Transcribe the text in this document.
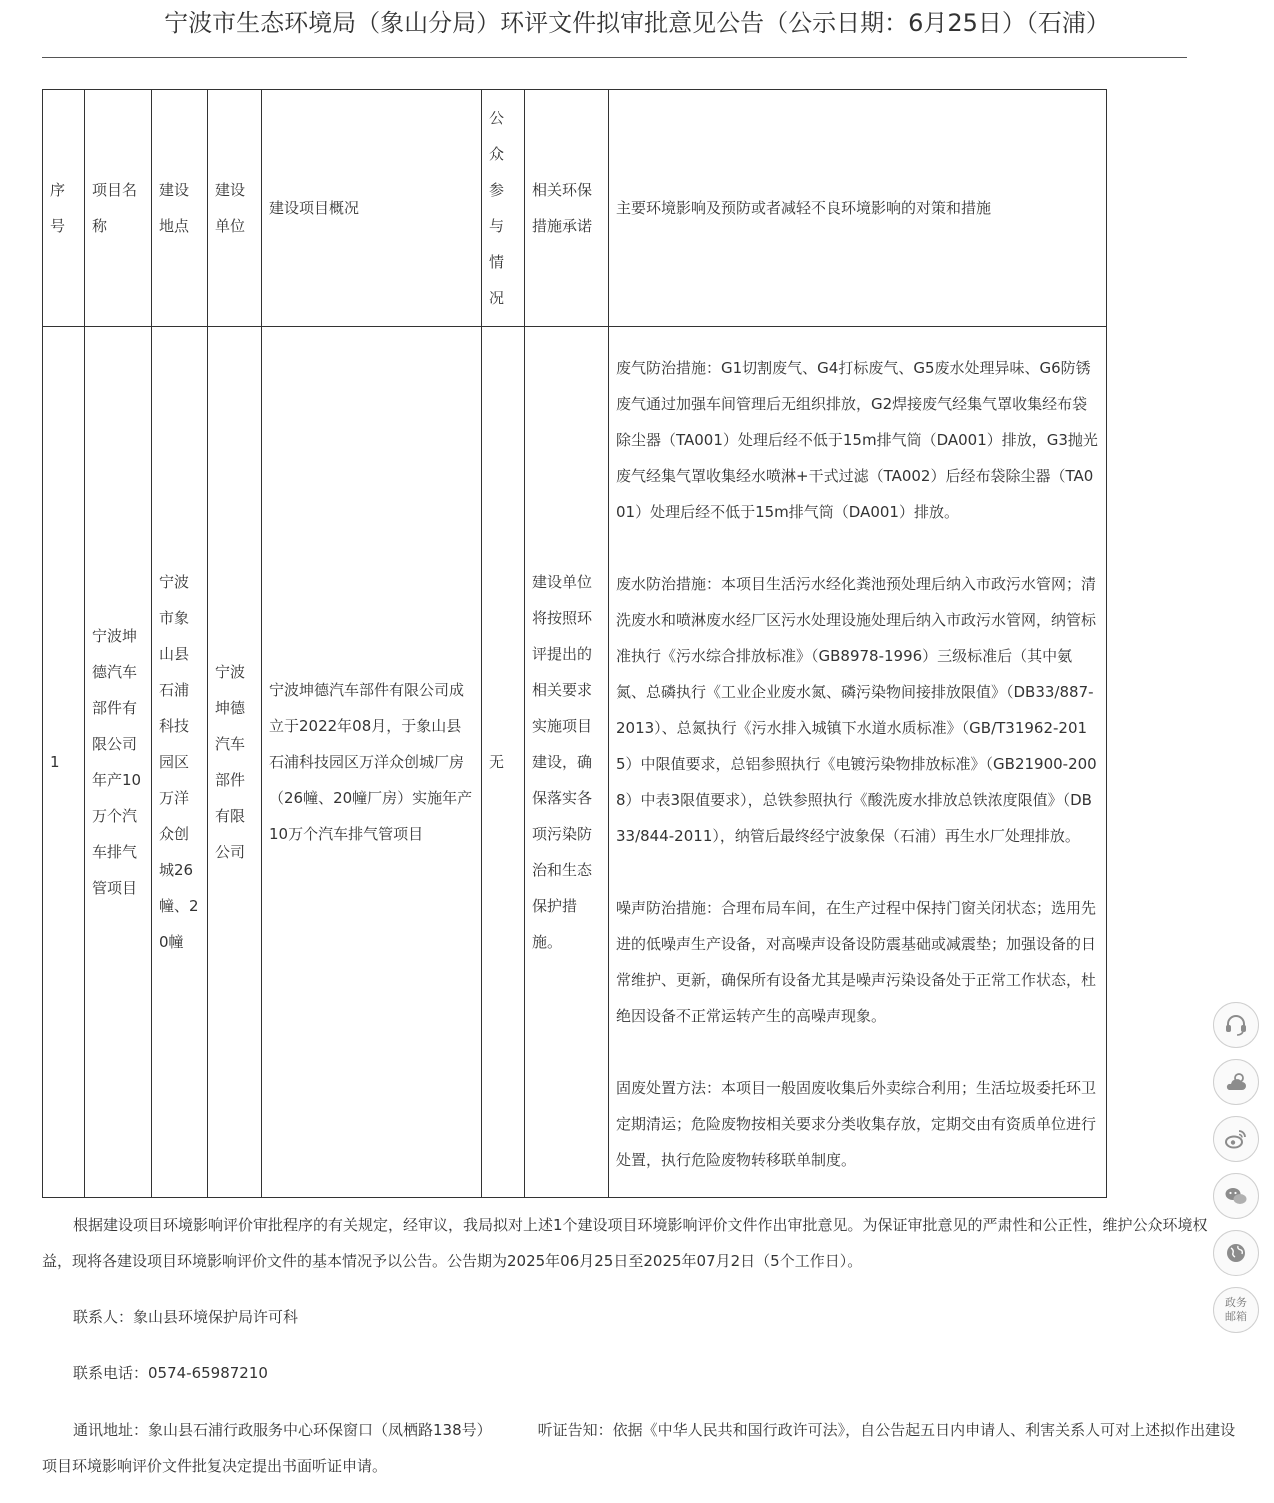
宁波市生态环境局（象山分局）环评文件拟审批意见公告（公示日期：6月25日）（石浦）
序号	项目名称	建设地点	建设单位	建设项目概况	公众参与情况	相关环保措施承诺	主要环境影响及预防或者减轻不良环境影响的对策和措施
1	宁波坤德汽车部件有限公司年产10万个汽车排气管项目	宁波市象山县石浦科技园区万洋众创城26幢、20幢	宁波坤德汽车部件有限公司	宁波坤德汽车部件有限公司成立于2022年08月，于象山县石浦科技园区万洋众创城厂房（26幢、20幢厂房）实施年产10万个汽车排气管项目	无	建设单位将按照环评提出的相关要求实施项目建设，确保落实各项污染防治和生态保护措施。	废气防治措施：G1切割废气、G4打标废气、G5废水处理异味、G6防锈废气通过加强车间管理后无组织排放，G2焊接废气经集气罩收集经布袋除尘器（TA001）处理后经不低于15m排气筒（DA001）排放，G3抛光废气经集气罩收集经水喷淋+干式过滤（TA002）后经布袋除尘器（TA001）处理后经不低于15m排气筒（DA001）排放。

废水防治措施：本项目生活污水经化粪池预处理后纳入市政污水管网；清洗废水和喷淋废水经厂区污水处理设施处理后纳入市政污水管网，纳管标准执行《污水综合排放标准》（GB8978-1996）三级标准后（其中氨氮、总磷执行《工业企业废水氮、磷污染物间接排放限值》（DB33/887-2013）、总氮执行《污水排入城镇下水道水质标准》（GB/T31962-2015）中限值要求，总铝参照执行《电镀污染物排放标准》（GB21900-2008）中表3限值要求），总铁参照执行《酸洗废水排放总铁浓度限值》（DB33/844-2011），纳管后最终经宁波象保（石浦）再生水厂处理排放。

噪声防治措施：合理布局车间，在生产过程中保持门窗关闭状态；选用先进的低噪声生产设备，对高噪声设备设防震基础或减震垫；加强设备的日常维护、更新，确保所有设备尤其是噪声污染设备处于正常工作状态，杜绝因设备不正常运转产生的高噪声现象。

固废处置方法：本项目一般固废收集后外卖综合利用；生活垃圾委托环卫定期清运；危险废物按相关要求分类收集存放，定期交由有资质单位进行处置，执行危险废物转移联单制度。

根据建设项目环境影响评价审批程序的有关规定，经审议，我局拟对上述1个建设项目环境影响评价文件作出审批意见。为保证审批意见的严肃性和公正性，维护公众环境权益，现将各建设项目环境影响评价文件的基本情况予以公告。公告期为2025年06月25日至2025年07月2日（5个工作日）。

联系人：象山县环境保护局许可科

联系电话：0574-65987210

通讯地址：象山县石浦行政服务中心环保窗口（凤栖路138号）	听证告知：依据《中华人民共和国行政许可法》，自公告起五日内申请人、利害关系人可对上述拟作出建设项目环境影响评价文件批复决定提出书面听证申请。

政务邮箱
